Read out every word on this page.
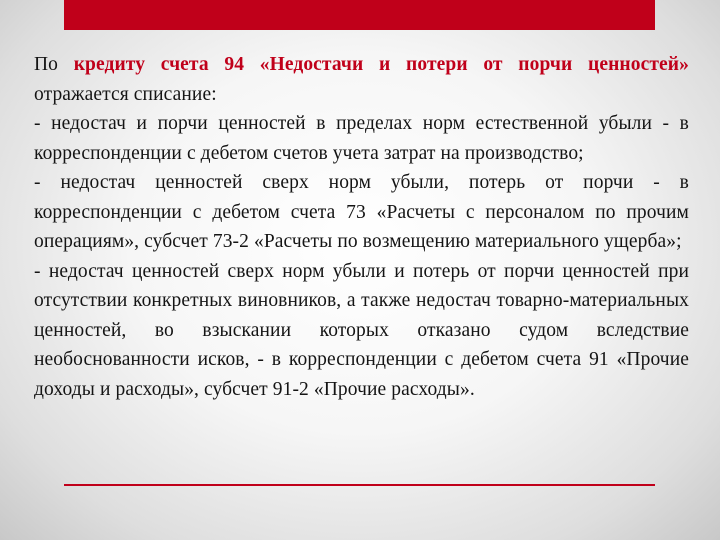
По кредиту счета 94 «Недостачи и потери от порчи ценностей» отражается списание:

- недостач и порчи ценностей в пределах норм естественной убыли - в корреспонденции с дебетом счетов учета затрат на производство;

- недостач ценностей сверх норм убыли, потерь от порчи - в корреспонденции с дебетом счета 73 «Расчеты с персоналом по прочим операциям», субсчет 73-2 «Расчеты по возмещению материального ущерба»;

- недостач ценностей сверх норм убыли и потерь от порчи ценностей при отсутствии конкретных виновников, а также недостач товарно-материальных ценностей, во взыскании которых отказано судом вследствие необоснованности исков, - в корреспонденции с дебетом счета 91 «Прочие доходы и расходы», субсчет 91-2 «Прочие расходы».
